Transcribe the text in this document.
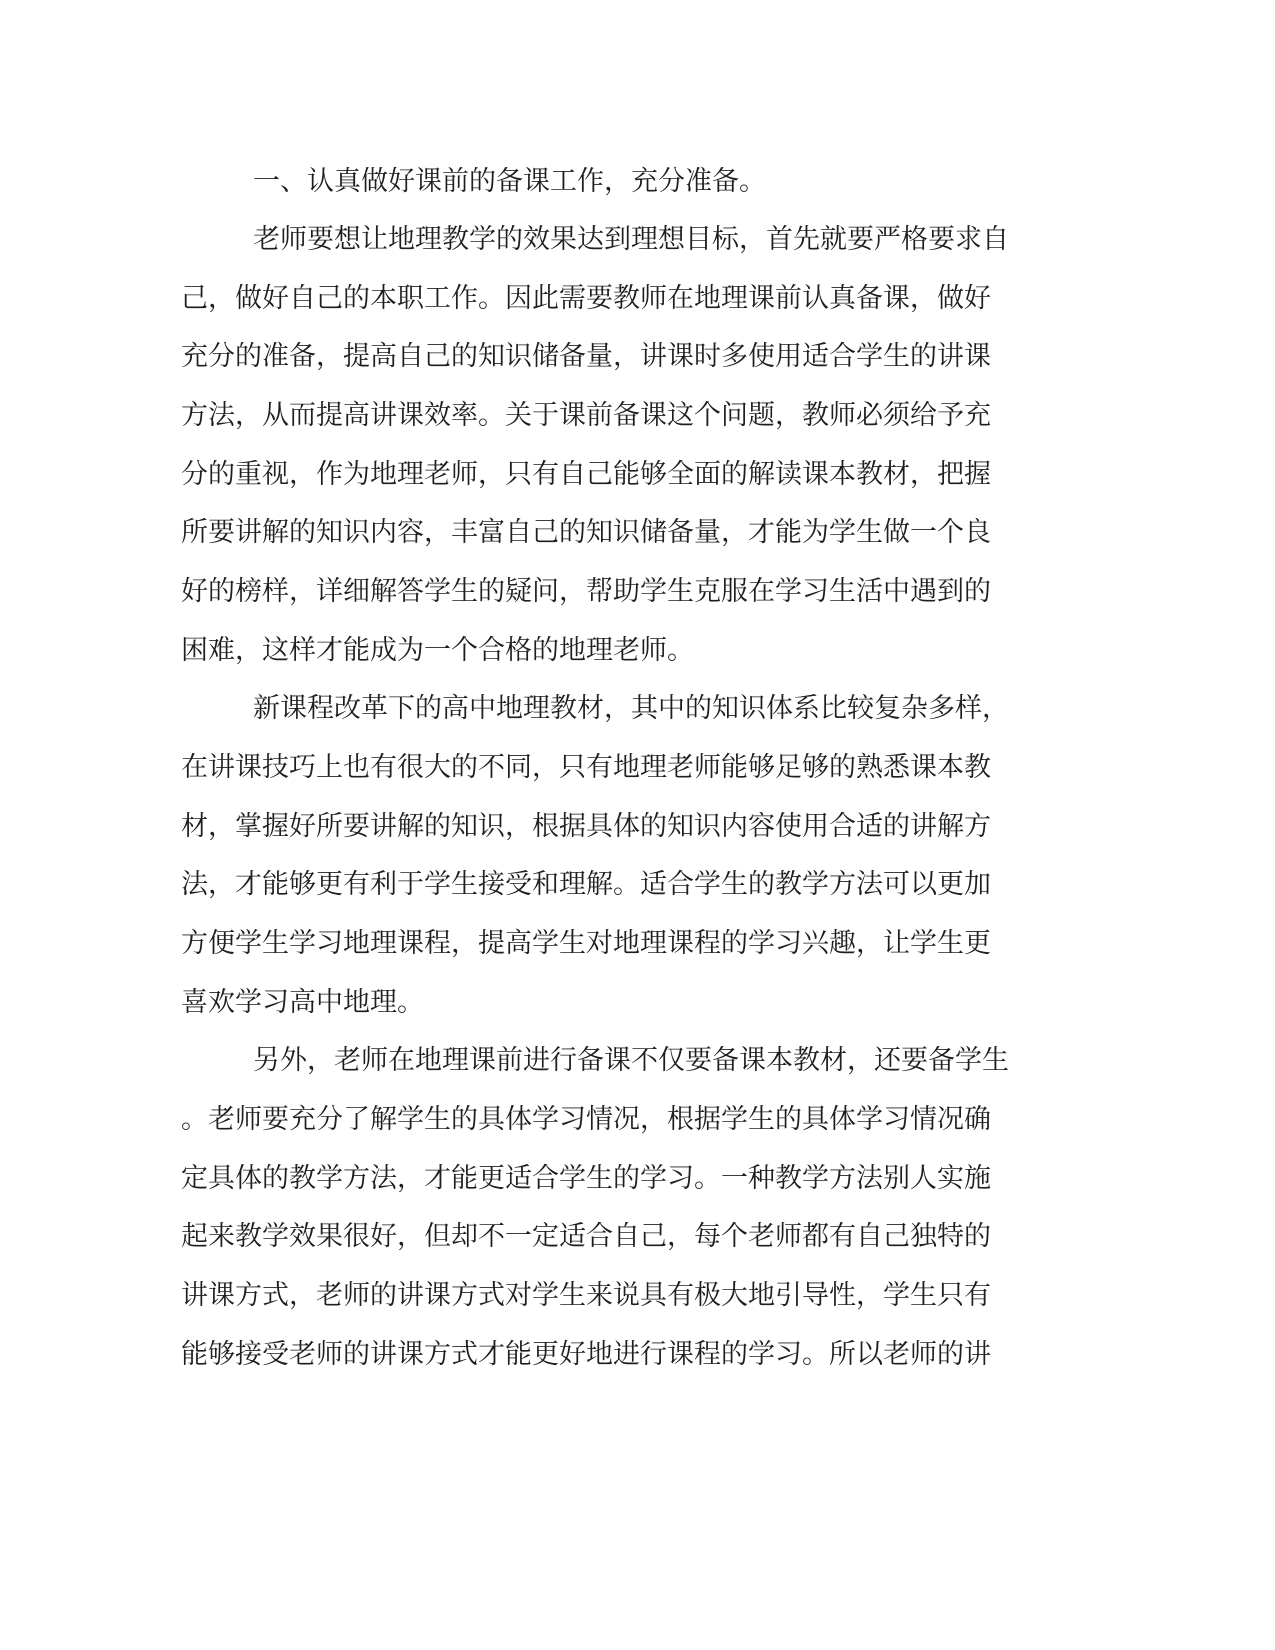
一、认真做好课前的备课工作，充分准备。
老师要想让地理教学的效果达到理想目标，首先就要严格要求自
己，做好自己的本职工作。因此需要教师在地理课前认真备课，做好
充分的准备，提高自己的知识储备量，讲课时多使用适合学生的讲课
方法，从而提高讲课效率。关于课前备课这个问题，教师必须给予充
分的重视，作为地理老师，只有自己能够全面的解读课本教材，把握
所要讲解的知识内容，丰富自己的知识储备量，才能为学生做一个良
好的榜样，详细解答学生的疑问，帮助学生克服在学习生活中遇到的
困难，这样才能成为一个合格的地理老师。
新课程改革下的高中地理教材，其中的知识体系比较复杂多样，
在讲课技巧上也有很大的不同，只有地理老师能够足够的熟悉课本教
材，掌握好所要讲解的知识，根据具体的知识内容使用合适的讲解方
法，才能够更有利于学生接受和理解。适合学生的教学方法可以更加
方便学生学习地理课程，提高学生对地理课程的学习兴趣，让学生更
喜欢学习高中地理。
另外，老师在地理课前进行备课不仅要备课本教材，还要备学生
。老师要充分了解学生的具体学习情况，根据学生的具体学习情况确
定具体的教学方法，才能更适合学生的学习。一种教学方法别人实施
起来教学效果很好，但却不一定适合自己，每个老师都有自己独特的
讲课方式，老师的讲课方式对学生来说具有极大地引导性，学生只有
能够接受老师的讲课方式才能更好地进行课程的学习。所以老师的讲
